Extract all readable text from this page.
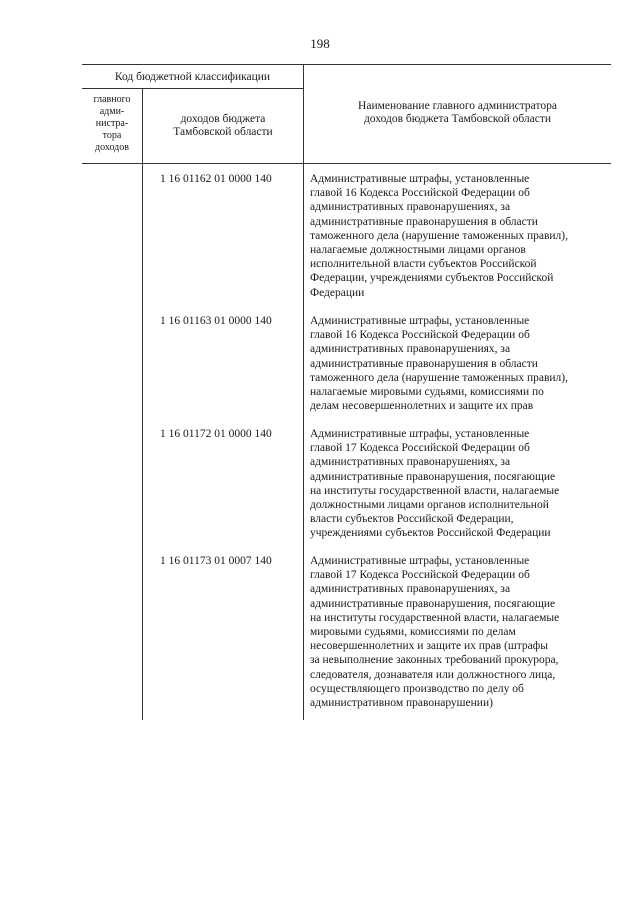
198
Код бюджетной классификации
главного
адми-
нистра-
тора
доходов
доходов бюджета
Тамбовской области
Наименование главного администратора
доходов бюджета Тамбовской области
1 16 01162 01 0000 140	Административные штрафы, установленные
главой 16 Кодекса Российской Федерации об
административных правонарушениях, за
административные правонарушения в области
таможенного дела (нарушение таможенных правил),
налагаемые должностными лицами органов
исполнительной власти субъектов Российской
Федерации, учреждениями субъектов Российской
Федерации
1 16 01163 01 0000 140	Административные штрафы, установленные
главой 16 Кодекса Российской Федерации об
административных правонарушениях, за
административные правонарушения в области
таможенного дела (нарушение таможенных правил),
налагаемые мировыми судьями, комиссиями по
делам несовершеннолетних и защите их прав
1 16 01172 01 0000 140	Административные штрафы, установленные
главой 17 Кодекса Российской Федерации об
административных правонарушениях, за
административные правонарушения, посягающие
на институты государственной власти, налагаемые
должностными лицами органов исполнительной
власти субъектов Российской Федерации,
учреждениями субъектов Российской Федерации
1 16 01173 01 0007 140	Административные штрафы, установленные
главой 17 Кодекса Российской Федерации об
административных правонарушениях, за
административные правонарушения, посягающие
на институты государственной власти, налагаемые
мировыми судьями, комиссиями по делам
несовершеннолетних и защите их прав (штрафы
за невыполнение законных требований прокурора,
следователя, дознавателя или должностного лица,
осуществляющего производство по делу об
административном правонарушении)
